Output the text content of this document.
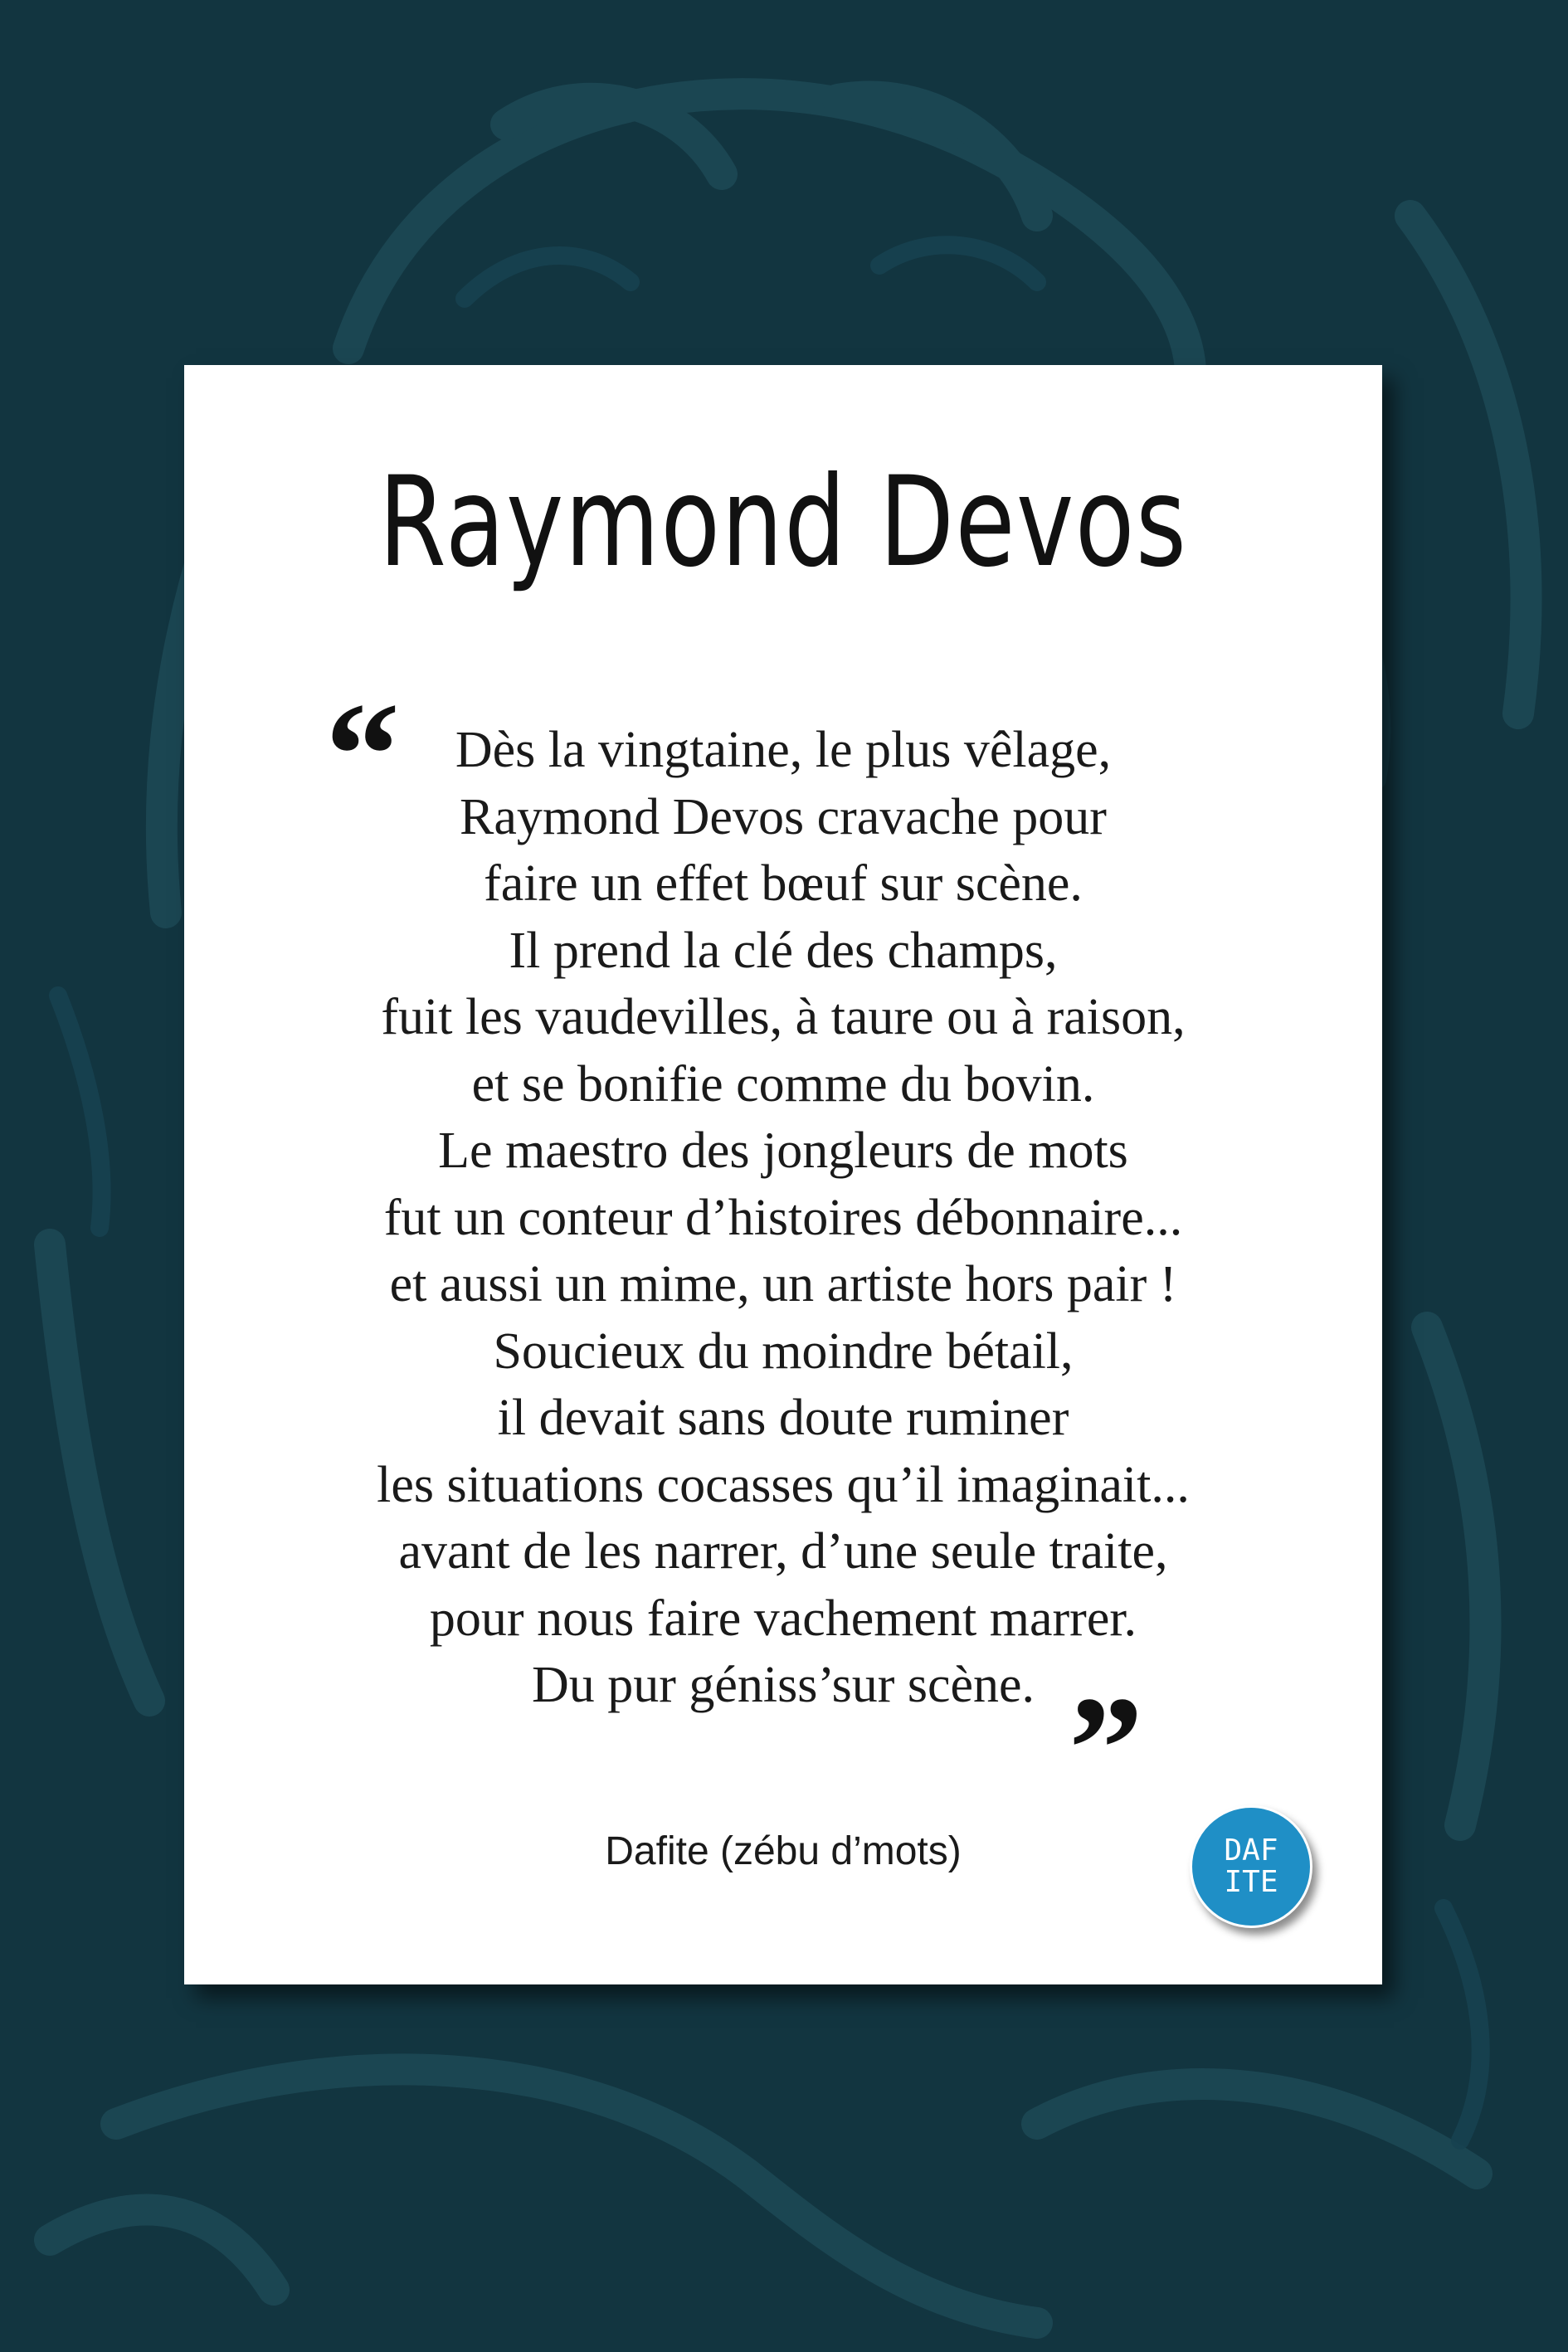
Raymond Devos
“	Dès la vingtaine, le plus vêlage,
Raymond Devos cravache pour
faire un effet bœuf sur scène.
Il prend la clé des champs,
fuit les vaudevilles, à taure ou à raison,
et se bonifie comme du bovin.
Le maestro des jongleurs de mots
fut un conteur d’histoires débonnaire...
et aussi un mime, un artiste hors pair !
Soucieux du moindre bétail,
il devait sans doute ruminer
les situations cocasses qu’il imaginait...
avant de les narrer, d’une seule traite,
pour nous faire vachement marrer.
Du pur géniss’sur scène. ”
Dafite (zébu d’mots)	DAF
ITE
